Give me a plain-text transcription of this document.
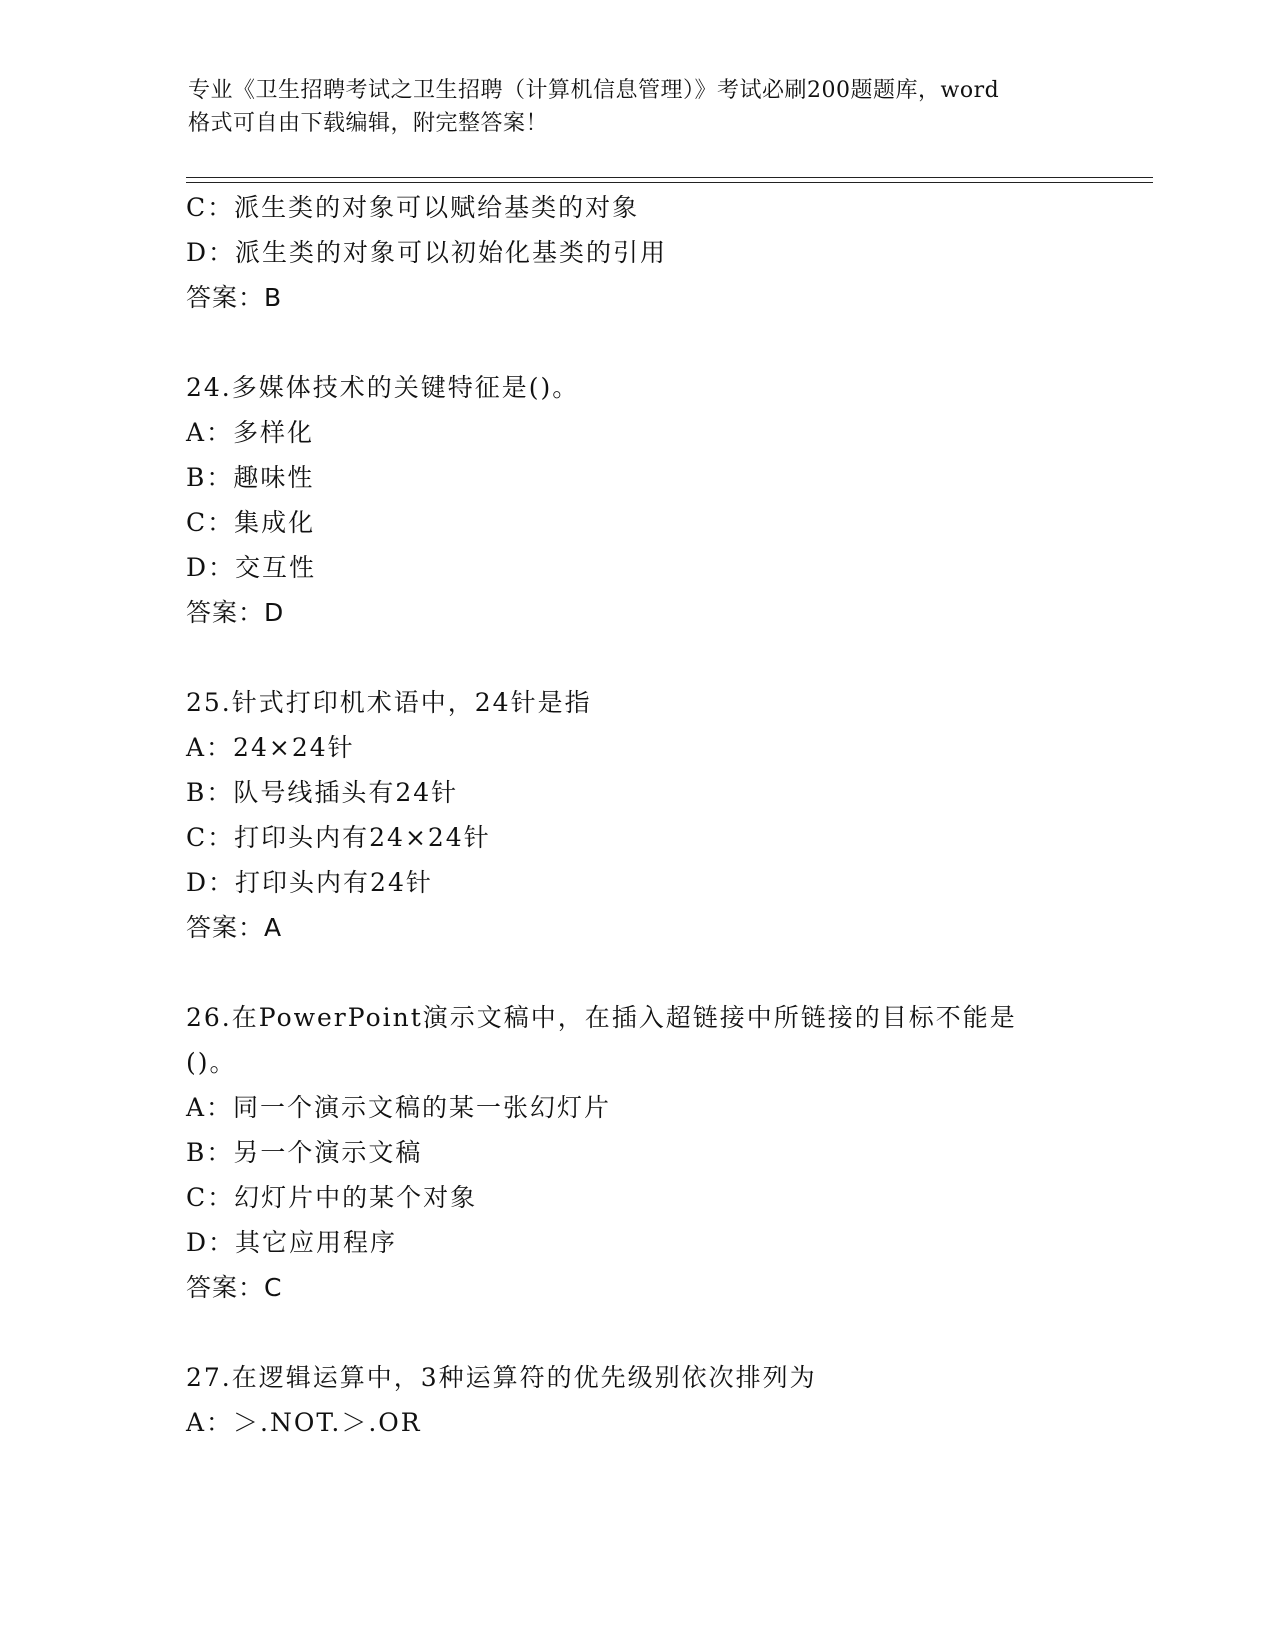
专业《卫生招聘考试之卫生招聘（计算机信息管理）》考试必刷200题题库，word
格式可自由下载编辑，附完整答案！
C：派生类的对象可以赋给基类的对象
D：派生类的对象可以初始化基类的引用
答案：B
24.多媒体技术的关键特征是()。
A：多样化
B：趣味性
C：集成化
D：交互性
答案：D
25.针式打印机术语中，24针是指
A：24×24针
B：队号线插头有24针
C：打印头内有24×24针
D：打印头内有24针
答案：A
26.在PowerPoint演示文稿中，在插入超链接中所链接的目标不能是
()。
A：同一个演示文稿的某一张幻灯片
B：另一个演示文稿
C：幻灯片中的某个对象
D：其它应用程序
答案：C
27.在逻辑运算中，3种运算符的优先级别依次排列为
A：＞.NOT.＞.OR
